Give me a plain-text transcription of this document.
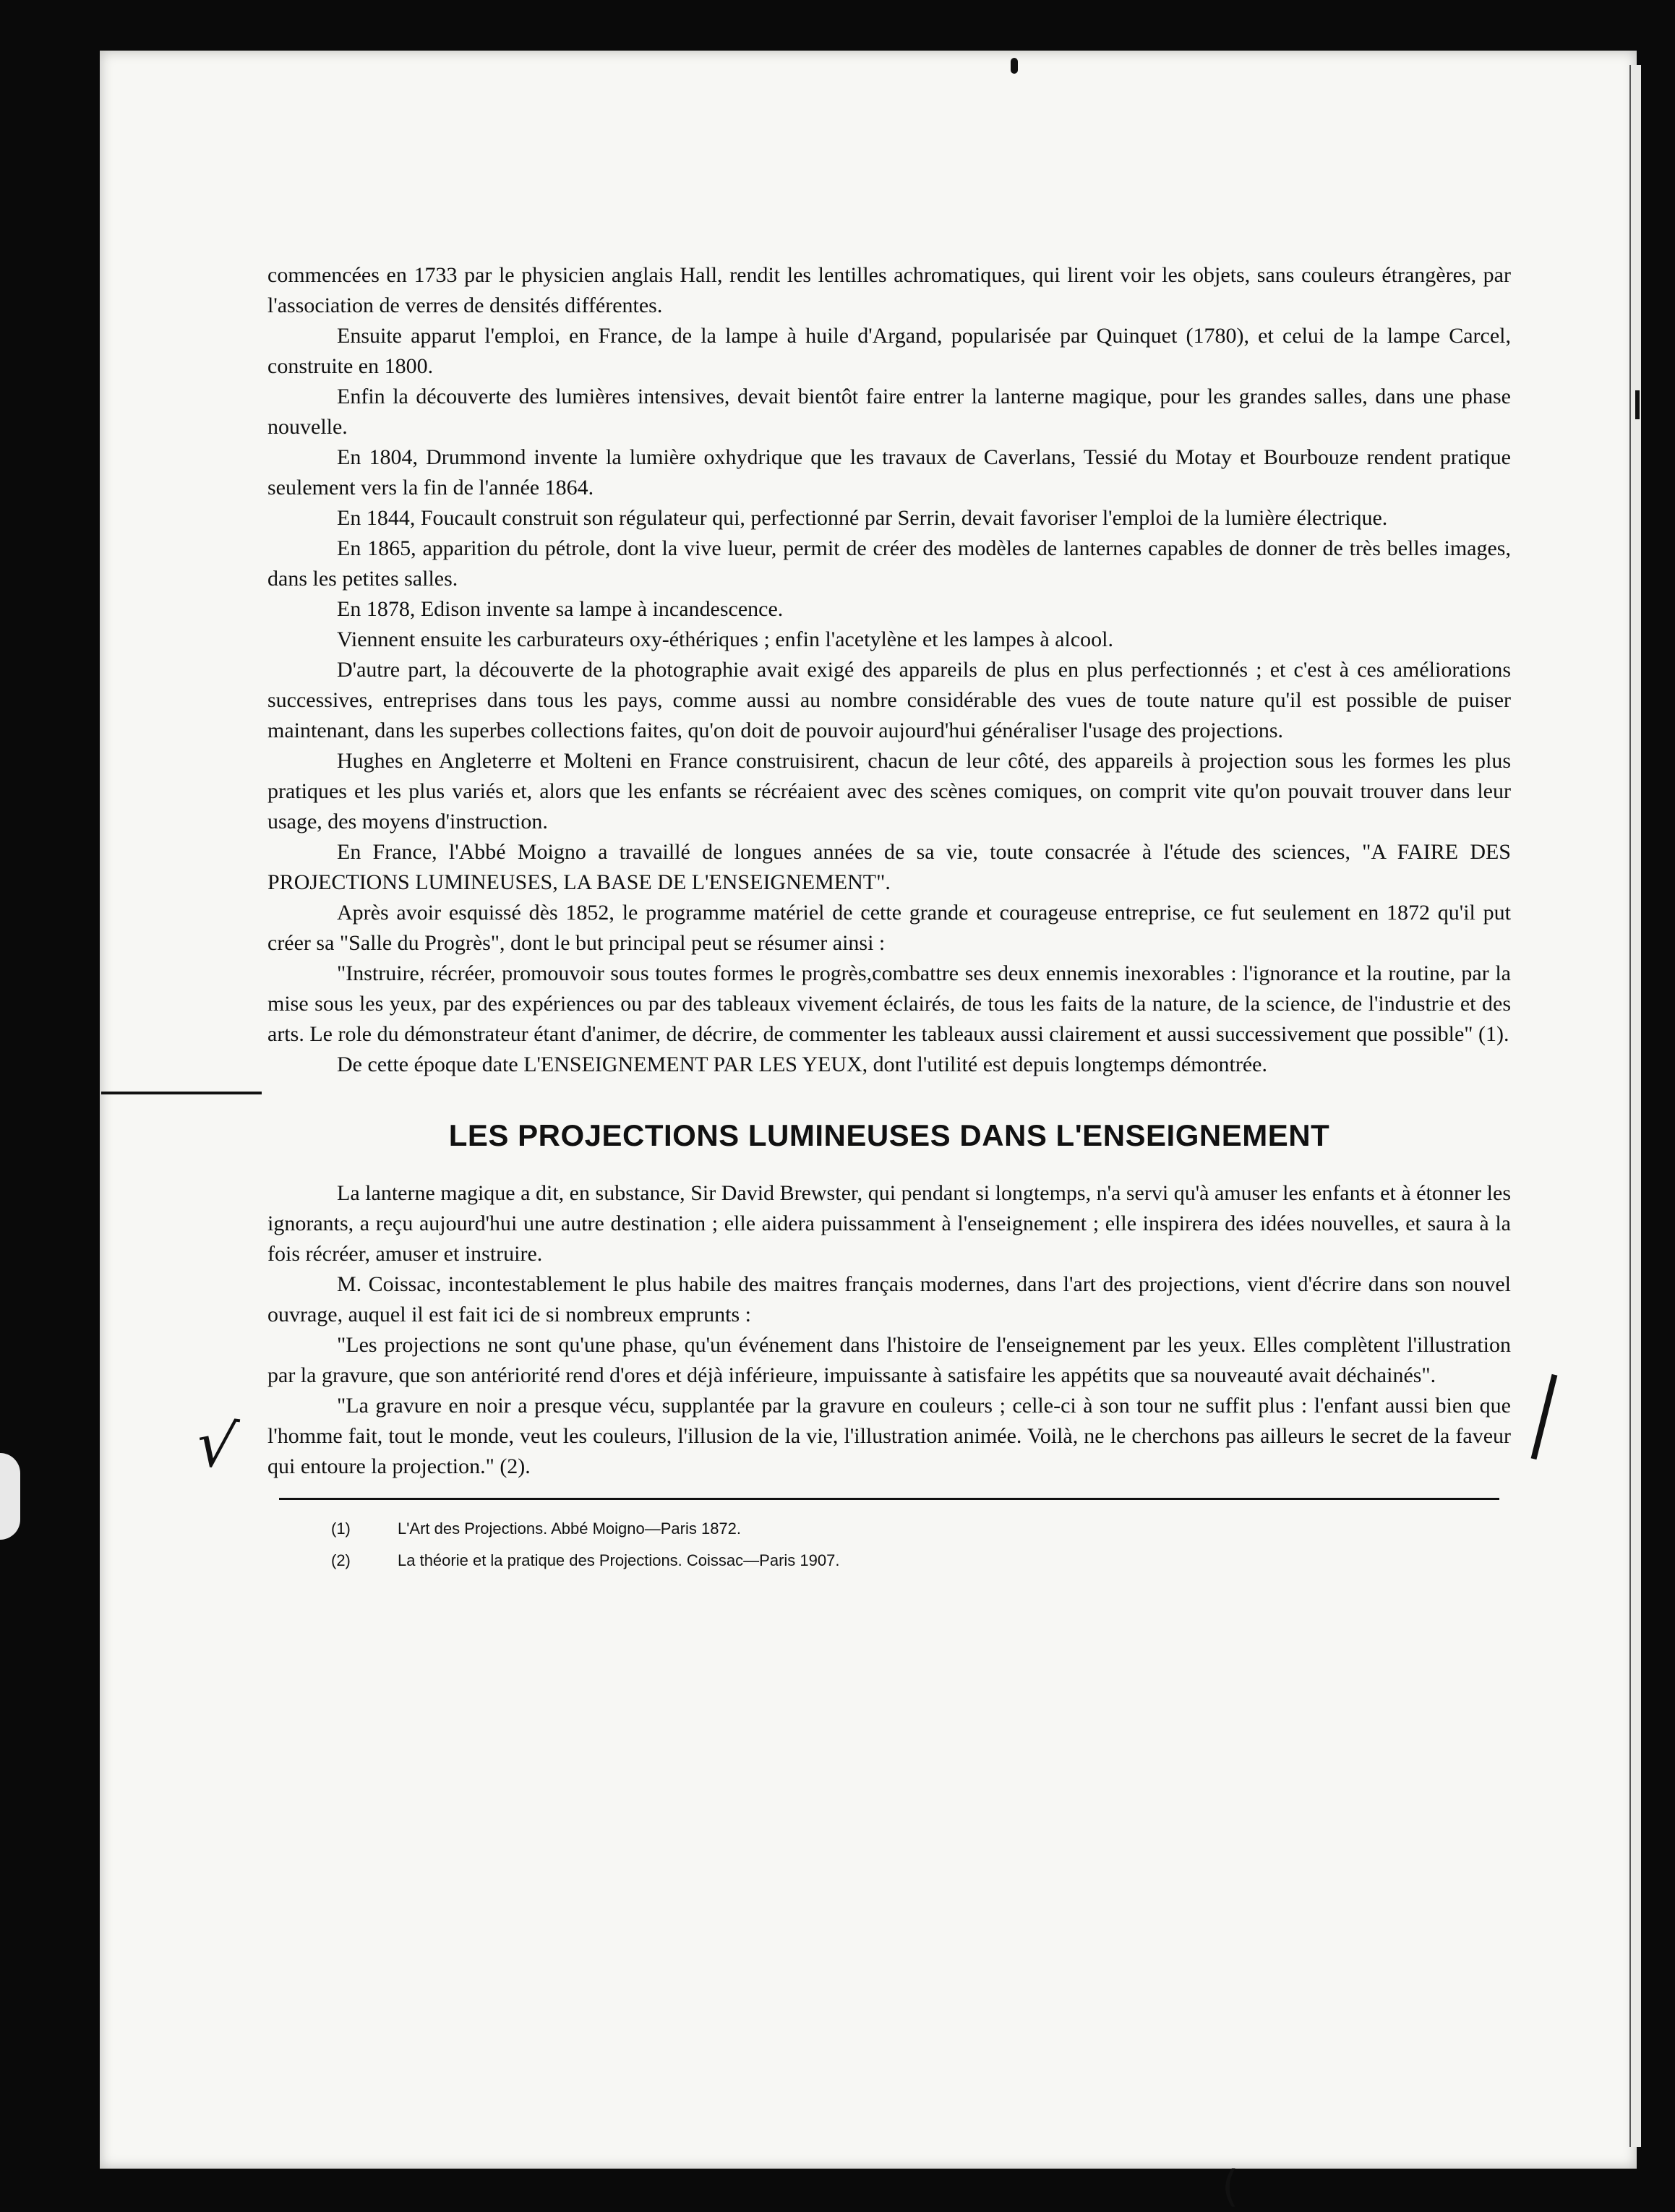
√
(

commencées en 1733 par le physicien anglais Hall, rendit les lentilles achromatiques, qui lirent voir les objets, sans couleurs étrangères, par l'association de verres de densités différentes.

Ensuite apparut l'emploi, en France, de la lampe à huile d'Argand, popularisée par Quinquet (1780), et celui de la lampe Carcel, construite en 1800.

Enfin la découverte des lumières intensives, devait bientôt faire entrer la lanterne magique, pour les grandes salles, dans une phase nouvelle.

En 1804, Drummond invente la lumière oxhydrique que les travaux de Caverlans, Tessié du Motay et Bourbouze rendent pratique seulement vers la fin de l'année 1864.

En 1844, Foucault construit son régulateur qui, perfectionné par Serrin, devait favoriser l'emploi de la lumière électrique.

En 1865, apparition du pétrole, dont la vive lueur, permit de créer des modèles de lanternes capables de donner de très belles images, dans les petites salles.

En 1878, Edison invente sa lampe à incandescence.

Viennent ensuite les carburateurs oxy-éthériques ; enfin l'acetylène et les lampes à alcool.

D'autre part, la découverte de la photographie avait exigé des appareils de plus en plus perfectionnés ; et c'est à ces améliorations successives, entreprises dans tous les pays, comme aussi au nombre considérable des vues de toute nature qu'il est possible de puiser maintenant, dans les superbes collections faites, qu'on doit de pouvoir aujourd'hui généraliser l'usage des projections.

Hughes en Angleterre et Molteni en France construisirent, chacun de leur côté, des appareils à projection sous les formes les plus pratiques et les plus variés et, alors que les enfants se récréaient avec des scènes comiques, on comprit vite qu'on pouvait trouver dans leur usage, des moyens d'instruction.

En France, l'Abbé Moigno a travaillé de longues années de sa vie, toute consacrée à l'étude des sciences, "A FAIRE DES PROJECTIONS LUMINEUSES, LA BASE DE L'ENSEIGNEMENT".

Après avoir esquissé dès 1852, le programme matériel de cette grande et courageuse entreprise, ce fut seulement en 1872 qu'il put créer sa "Salle du Progrès", dont le but principal peut se résumer ainsi :

"Instruire, récréer, promouvoir sous toutes formes le progrès,combattre ses deux ennemis inexorables : l'ignorance et la routine, par la mise sous les yeux, par des expériences ou par des tableaux vivement éclairés, de tous les faits de la nature, de la science, de l'industrie et des arts. Le role du démonstrateur étant d'animer, de décrire, de commenter les tableaux aussi clairement et aussi successivement que possible" (1).

De cette époque date L'ENSEIGNEMENT PAR LES YEUX, dont l'utilité est depuis longtemps démontrée.

LES PROJECTIONS LUMINEUSES DANS L'ENSEIGNEMENT

La lanterne magique a dit, en substance, Sir David Brewster, qui pendant si longtemps, n'a servi qu'à amuser les enfants et à étonner les ignorants, a reçu aujourd'hui une autre destination ; elle aidera puissamment à l'enseignement ; elle inspirera des idées nouvelles, et saura à la fois récréer, amuser et instruire.

M. Coissac, incontestablement le plus habile des maitres français modernes, dans l'art des projections, vient d'écrire dans son nouvel ouvrage, auquel il est fait ici de si nombreux emprunts :

"Les projections ne sont qu'une phase, qu'un événement dans l'histoire de l'enseignement par les yeux. Elles complètent l'illustration par la gravure, que son antériorité rend d'ores et déjà inférieure, impuissante à satisfaire les appétits que sa nouveauté avait déchainés".

"La gravure en noir a presque vécu, supplantée par la gravure en couleurs ; celle-ci à son tour ne suffit plus : l'enfant aussi bien que l'homme fait, tout le monde, veut les couleurs, l'illusion de la vie, l'illustration animée. Voilà, ne le cherchons pas ailleurs le secret de la faveur qui entoure la projection." (2).

(1)	L'Art des Projections. Abbé Moigno—Paris 1872.
(2)	La théorie et la pratique des Projections. Coissac—Paris 1907.
